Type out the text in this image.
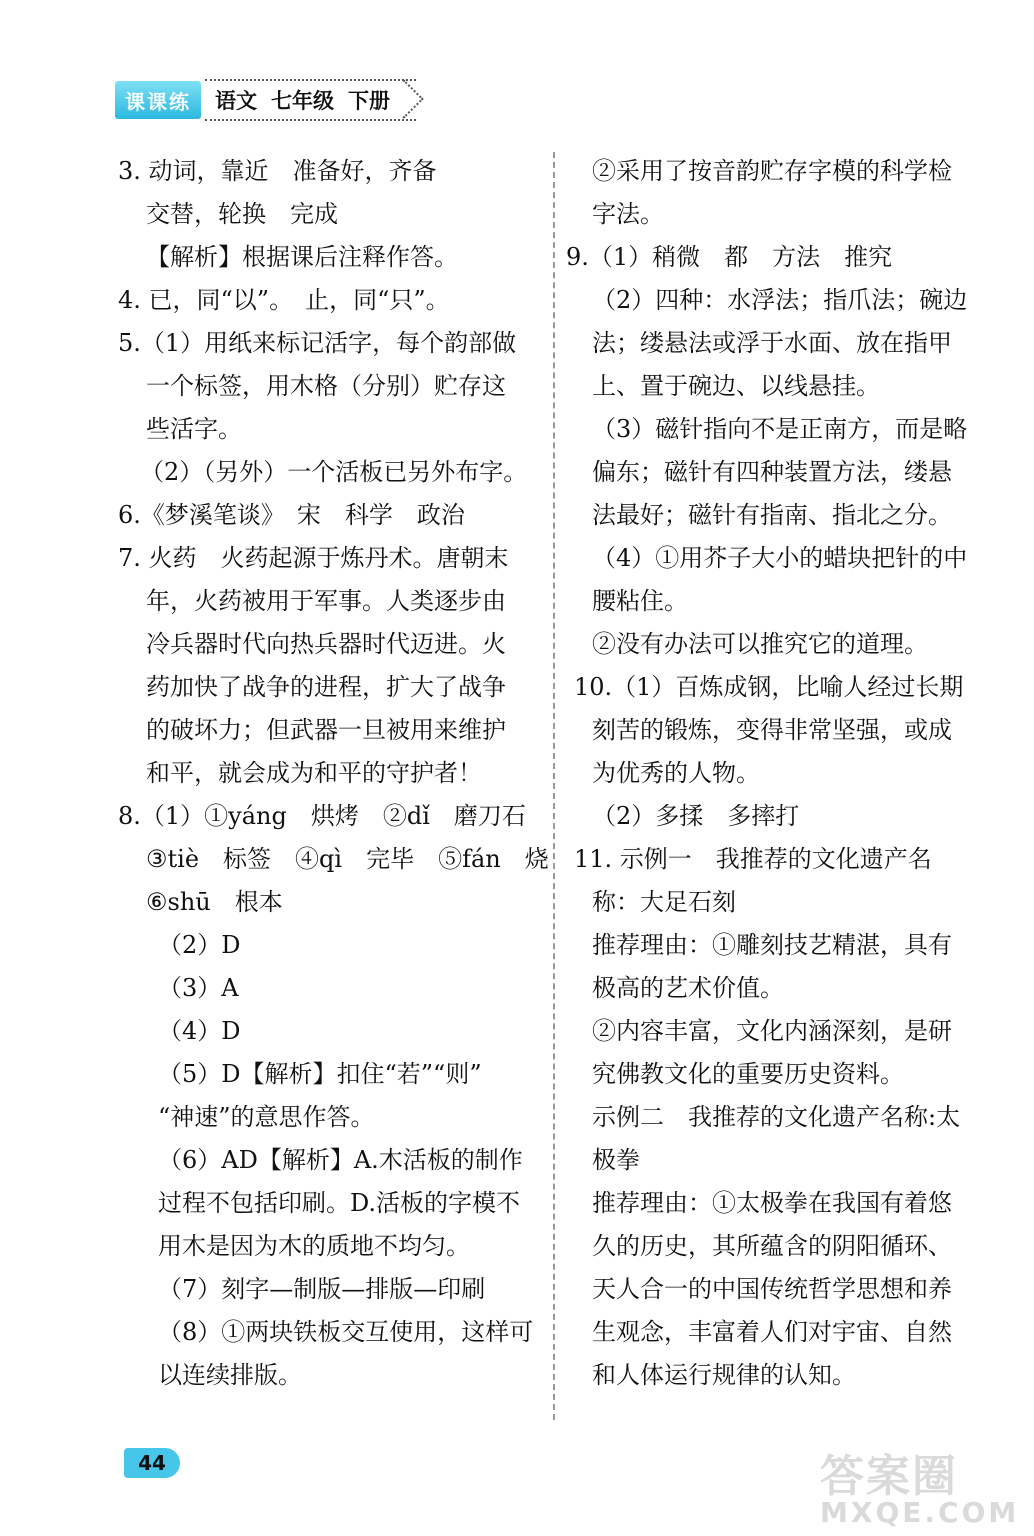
课课练	语文 七年级 下册
3. 动词，靠近　准备好，齐备
交替，轮换　完成
【解析】根据课后注释作答。
4. 已，同“以”。　止，同“只”。
5.（1）用纸来标记活字，每个韵部做
一个标签，用木格（分别）贮存这
些活字。
（2）（另外）一个活板已另外布字。
6.《梦溪笔谈》　宋　科学　政治
7. 火药　火药起源于炼丹术。唐朝末
年，火药被用于军事。人类逐步由
冷兵器时代向热兵器时代迈进。火
药加快了战争的进程，扩大了战争
的破坏力；但武器一旦被用来维护
和平，就会成为和平的守护者！
8.（1）①yáng　烘烤　②dǐ　磨刀石
③tiè　标签　④qì　完毕　⑤fán　烧
⑥shū　根本
（2）D
（3）A
（4）D
（5）D【解析】扣住“若”“则”
“神速”的意思作答。
（6）AD【解析】A.木活板的制作
过程不包括印刷。D.活板的字模不
用木是因为木的质地不均匀。
（7）刻字—制版—排版—印刷
（8）①两块铁板交互使用，这样可
以连续排版。
②采用了按音韵贮存字模的科学检
字法。
9.（1）稍微　都　方法　推究
（2）四种：水浮法；指爪法；碗边
法；缕悬法或浮于水面、放在指甲
上、置于碗边、以线悬挂。
（3）磁针指向不是正南方，而是略
偏东；磁针有四种装置方法，缕悬
法最好；磁针有指南、指北之分。
（4）①用芥子大小的蜡块把针的中
腰粘住。
②没有办法可以推究它的道理。
10.（1）百炼成钢，比喻人经过长期
刻苦的锻炼，变得非常坚强，或成
为优秀的人物。
（2）多揉　多摔打
11. 示例一　我推荐的文化遗产名
称：大足石刻
推荐理由：①雕刻技艺精湛，具有
极高的艺术价值。
②内容丰富，文化内涵深刻，是研
究佛教文化的重要历史资料。
示例二　我推荐的文化遗产名称:太
极拳
推荐理由：①太极拳在我国有着悠
久的历史，其所蕴含的阴阳循环、
天人合一的中国传统哲学思想和养
生观念，丰富着人们对宇宙、自然
和人体运行规律的认知。
44	答案圈
MXQE.COM
